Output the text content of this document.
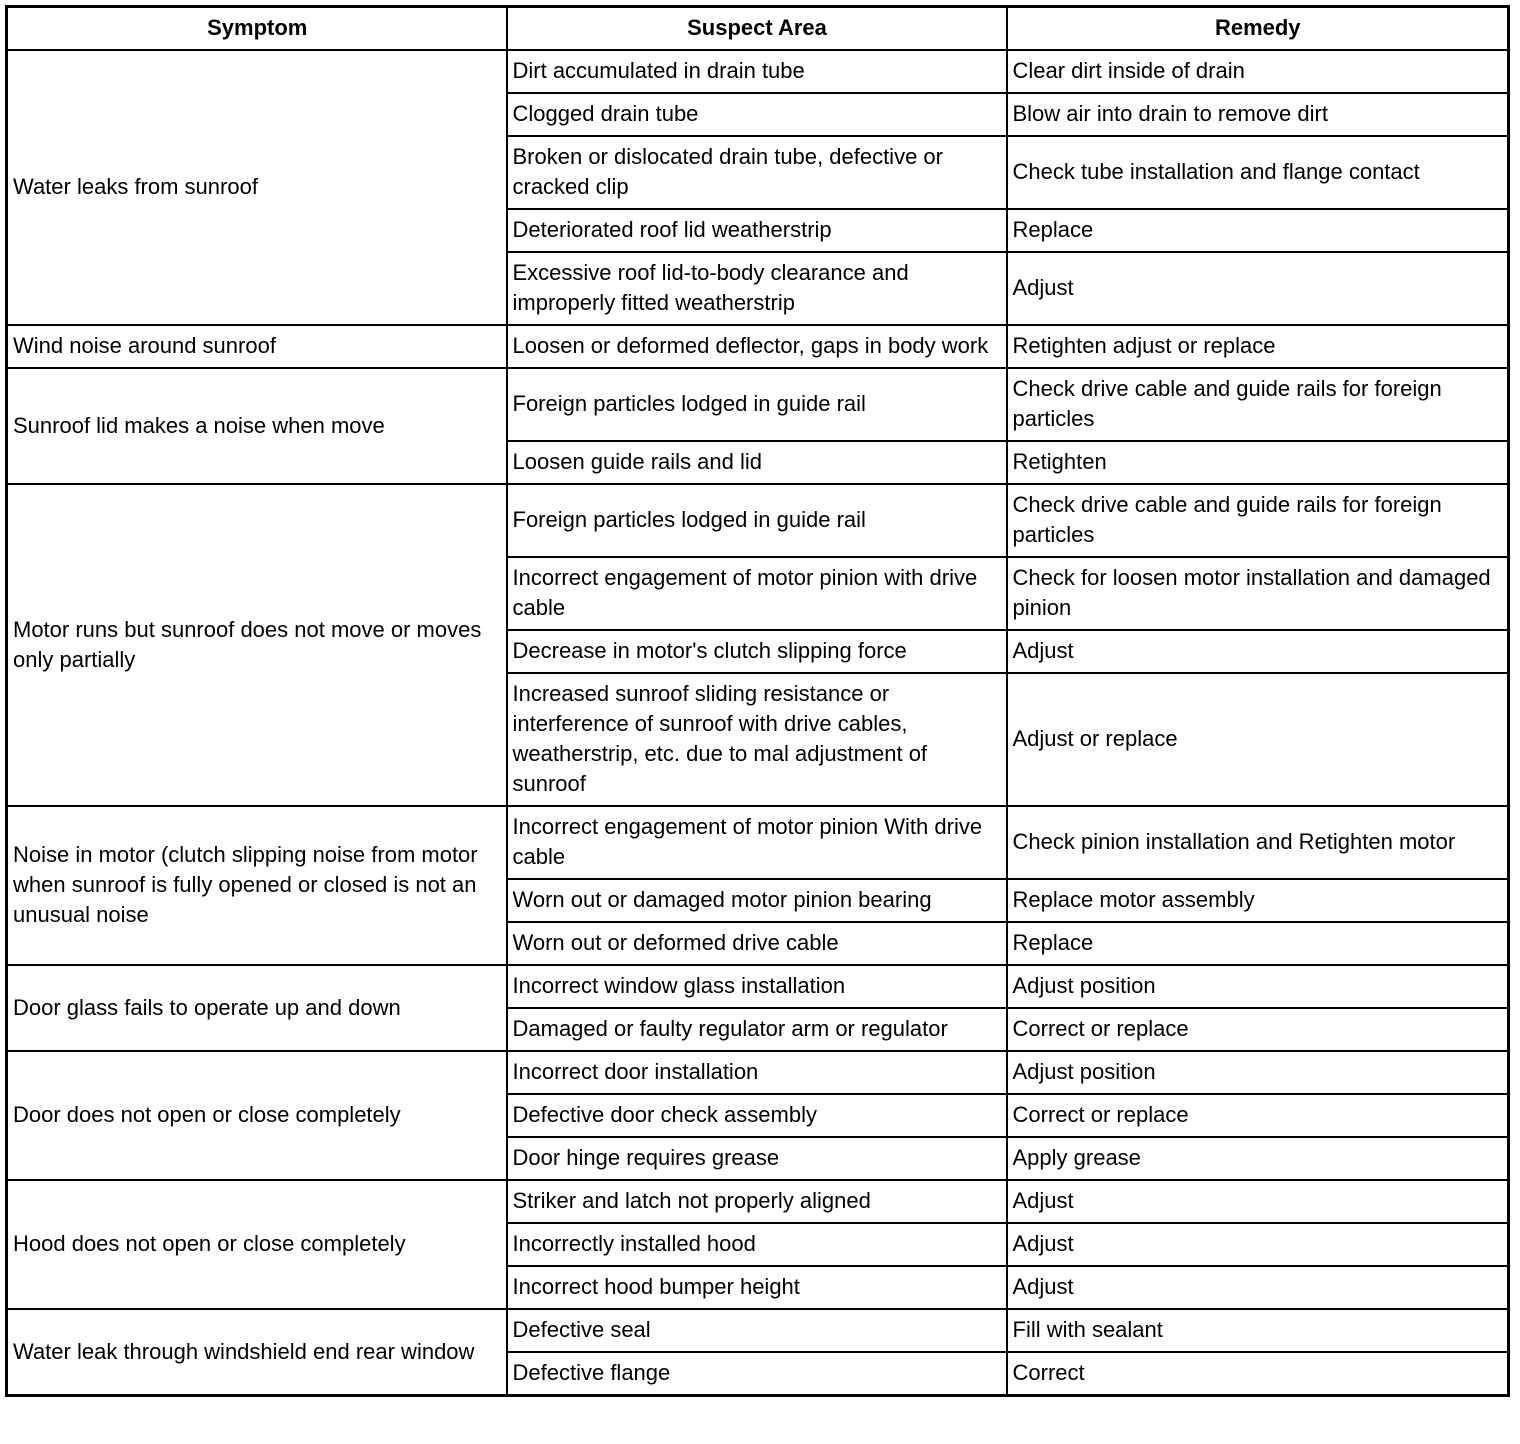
Symptom	Suspect Area	Remedy
Water leaks from sunroof	Dirt accumulated in drain tube	Clear dirt inside of drain
	Clogged drain tube	Blow air into drain to remove dirt
	Broken or dislocated drain tube, defective or cracked clip	Check tube installation and flange contact
	Deteriorated roof lid weatherstrip	Replace
	Excessive roof lid-to-body clearance and improperly fitted weatherstrip	Adjust
Wind noise around sunroof	Loosen or deformed deflector, gaps in body work	Retighten adjust or replace
Sunroof lid makes a noise when move	Foreign particles lodged in guide rail	Check drive cable and guide rails for foreign particles
	Loosen guide rails and lid	Retighten
Motor runs but sunroof does not move or moves only partially	Foreign particles lodged in guide rail	Check drive cable and guide rails for foreign particles
	Incorrect engagement of motor pinion with drive cable	Check for loosen motor installation and damaged pinion
	Decrease in motor's clutch slipping force	Adjust
	Increased sunroof sliding resistance or interference of sunroof with drive cables, weatherstrip, etc. due to mal adjustment of sunroof	Adjust or replace
Noise in motor (clutch slipping noise from motor when sunroof is fully opened or closed is not an unusual noise	Incorrect engagement of motor pinion With drive cable	Check pinion installation and Retighten motor
	Worn out or damaged motor pinion bearing	Replace motor assembly
	Worn out or deformed drive cable	Replace
Door glass fails to operate up and down	Incorrect window glass installation	Adjust position
	Damaged or faulty regulator arm or regulator	Correct or replace
Door does not open or close completely	Incorrect door installation	Adjust position
	Defective door check assembly	Correct or replace
	Door hinge requires grease	Apply grease
Hood does not open or close completely	Striker and latch not properly aligned	Adjust
	Incorrectly installed hood	Adjust
	Incorrect hood bumper height	Adjust
Water leak through windshield end rear window	Defective seal	Fill with sealant
	Defective flange	Correct
